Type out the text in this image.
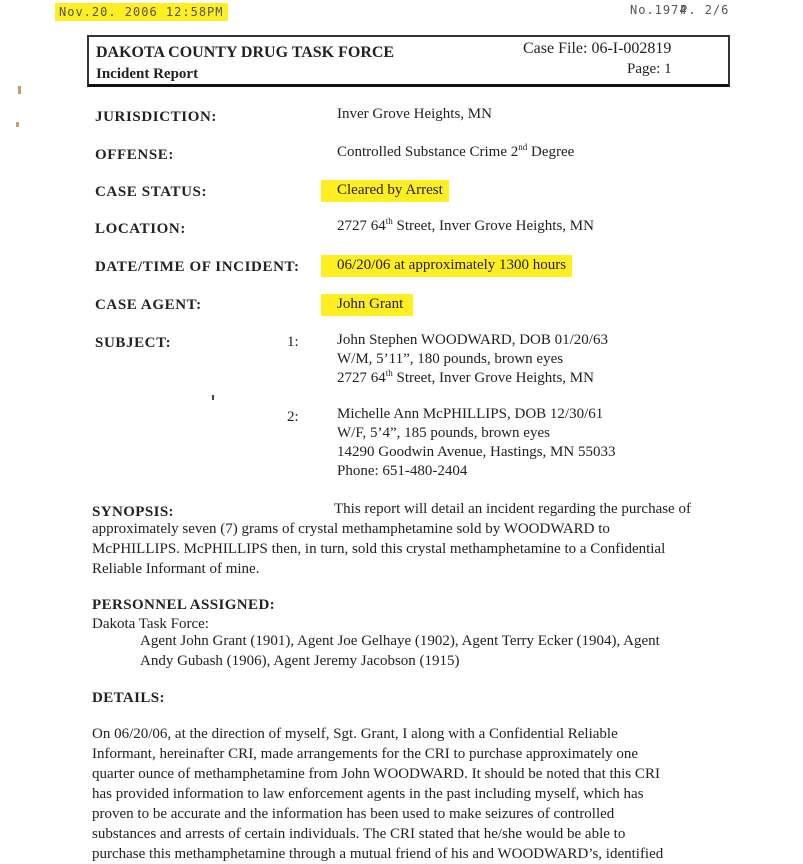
Nov.20. 2006 12:58PM	No.1974
P. 2/6
DAKOTA COUNTY DRUG TASK FORCE
Incident Report
Case File: 06-I-002819
Page: 1
JURISDICTION:	Inver Grove Heights, MN
OFFENSE:	Controlled Substance Crime 2nd Degree
CASE STATUS:	Cleared by Arrest
LOCATION:	2727 64th Street, Inver Grove Heights, MN
DATE/TIME OF INCIDENT:	06/20/06 at approximately 1300 hours
CASE AGENT:	John Grant
SUBJECT:	1:	John Stephen WOODWARD, DOB 01/20/63
W/M, 5’11”, 180 pounds, brown eyes
2727 64th Street, Inver Grove Heights, MN
2:	Michelle Ann McPHILLIPS, DOB 12/30/61
W/F, 5’4”, 185 pounds, brown eyes
14290 Goodwin Avenue, Hastings, MN 55033
Phone: 651-480-2404
SYNOPSIS:	This report will detail an incident regarding the purchase of
approximately seven (7) grams of crystal methamphetamine sold by WOODWARD to
McPHILLIPS. McPHILLIPS then, in turn, sold this crystal methamphetamine to a Confidential
Reliable Informant of mine.
PERSONNEL ASSIGNED:
Dakota Task Force:
Agent John Grant (1901), Agent Joe Gelhaye (1902), Agent Terry Ecker (1904), Agent
Andy Gubash (1906), Agent Jeremy Jacobson (1915)
DETAILS:
On 06/20/06, at the direction of myself, Sgt. Grant, I along with a Confidential Reliable
Informant, hereinafter CRI, made arrangements for the CRI to purchase approximately one
quarter ounce of methamphetamine from John WOODWARD. It should be noted that this CRI
has provided information to law enforcement agents in the past including myself, which has
proven to be accurate and the information has been used to make seizures of controlled
substances and arrests of certain individuals. The CRI stated that he/she would be able to
purchase this methamphetamine through a mutual friend of his and WOODWARD’s, identified
